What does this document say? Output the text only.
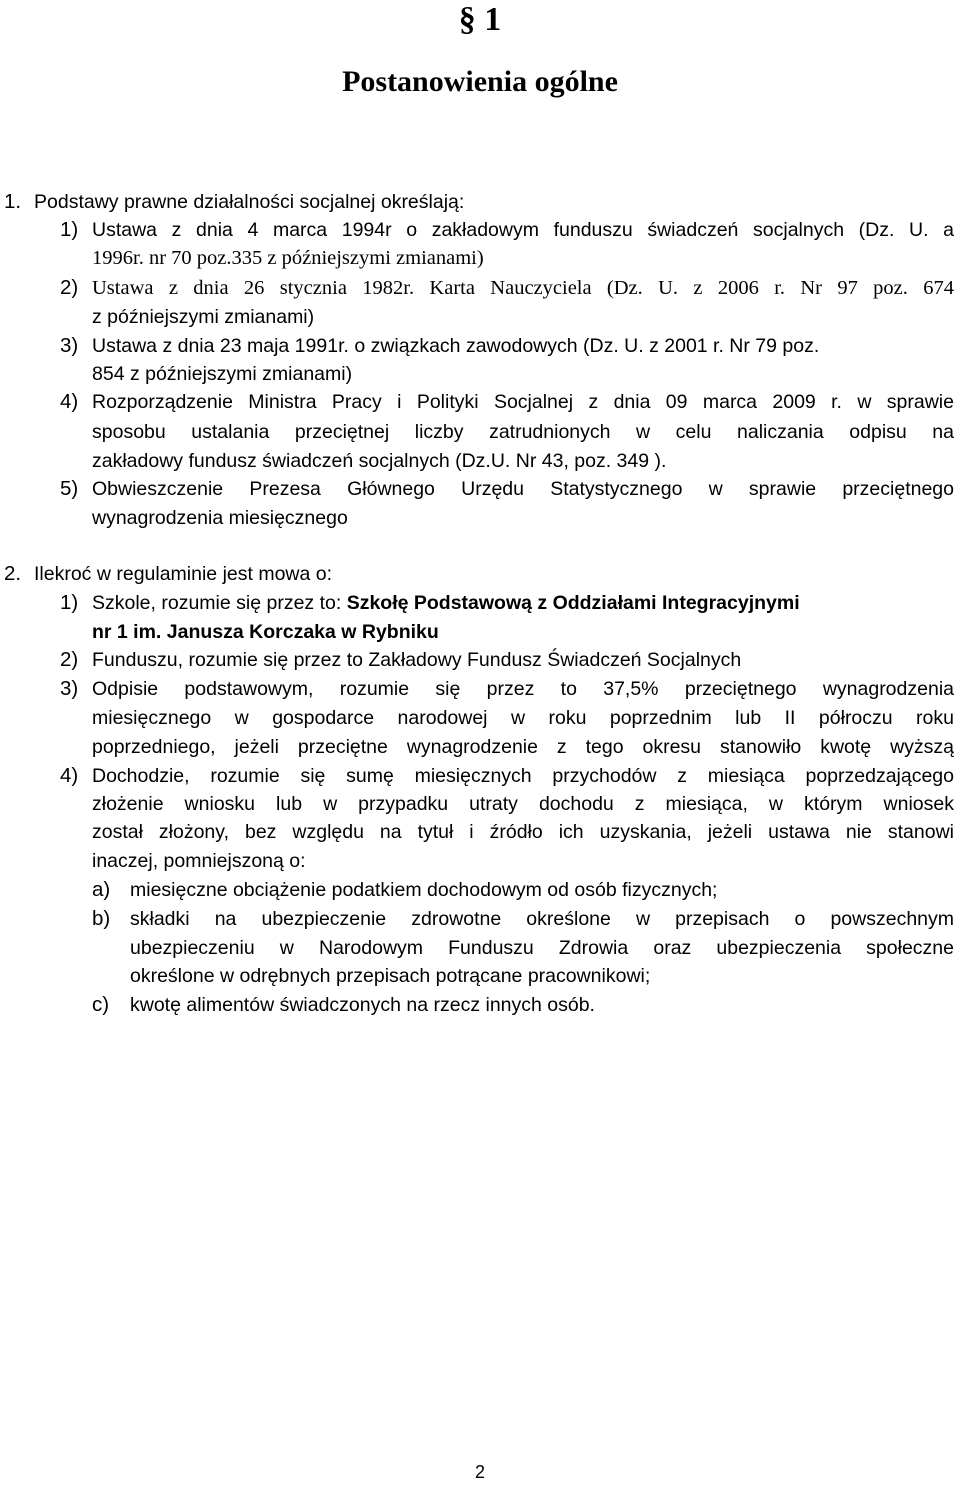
§ 1
Postanowienia ogólne
1. Podstawy prawne działalności socjalnej określają:
1) Ustawa z dnia 4 marca 1994r o zakładowym funduszu świadczeń socjalnych (Dz. U. a
1996r. nr 70 poz.335 z późniejszymi zmianami)
2) Ustawa z dnia 26 stycznia 1982r. Karta Nauczyciela (Dz. U. z 2006 r. Nr 97 poz. 674
z późniejszymi zmianami)
3) Ustawa z dnia 23 maja 1991r. o związkach zawodowych (Dz. U. z 2001 r. Nr 79 poz.
854 z późniejszymi zmianami)
4) Rozporządzenie Ministra Pracy i Polityki Socjalnej z dnia 09 marca 2009 r. w sprawie
sposobu ustalania przeciętnej liczby zatrudnionych w celu naliczania odpisu na
zakładowy fundusz świadczeń socjalnych (Dz.U. Nr 43, poz. 349 ).
5) Obwieszczenie Prezesa Głównego Urzędu Statystycznego w sprawie przeciętnego
wynagrodzenia miesięcznego
2. Ilekroć w regulaminie jest mowa o:
1) Szkole, rozumie się przez to: Szkołę Podstawową z Oddziałami Integracyjnymi
nr 1 im. Janusza Korczaka w Rybniku
2) Funduszu, rozumie się przez to Zakładowy Fundusz Świadczeń Socjalnych
3) Odpisie podstawowym, rozumie się przez to 37,5% przeciętnego wynagrodzenia
miesięcznego w gospodarce narodowej w roku poprzednim lub II półroczu roku
poprzedniego, jeżeli przeciętne wynagrodzenie z tego okresu stanowiło kwotę wyższą
4) Dochodzie, rozumie się sumę miesięcznych przychodów z miesiąca poprzedzającego
złożenie wniosku lub w przypadku utraty dochodu z miesiąca, w którym wniosek
został złożony, bez względu na tytuł i źródło ich uzyskania, jeżeli ustawa nie stanowi
inaczej, pomniejszoną o:
a) miesięczne obciążenie podatkiem dochodowym od osób fizycznych;
b) składki na ubezpieczenie zdrowotne określone w przepisach o powszechnym
ubezpieczeniu w Narodowym Funduszu Zdrowia oraz ubezpieczenia społeczne
określone w odrębnych przepisach potrącane pracownikowi;
c) kwotę alimentów świadczonych na rzecz innych osób.
2
